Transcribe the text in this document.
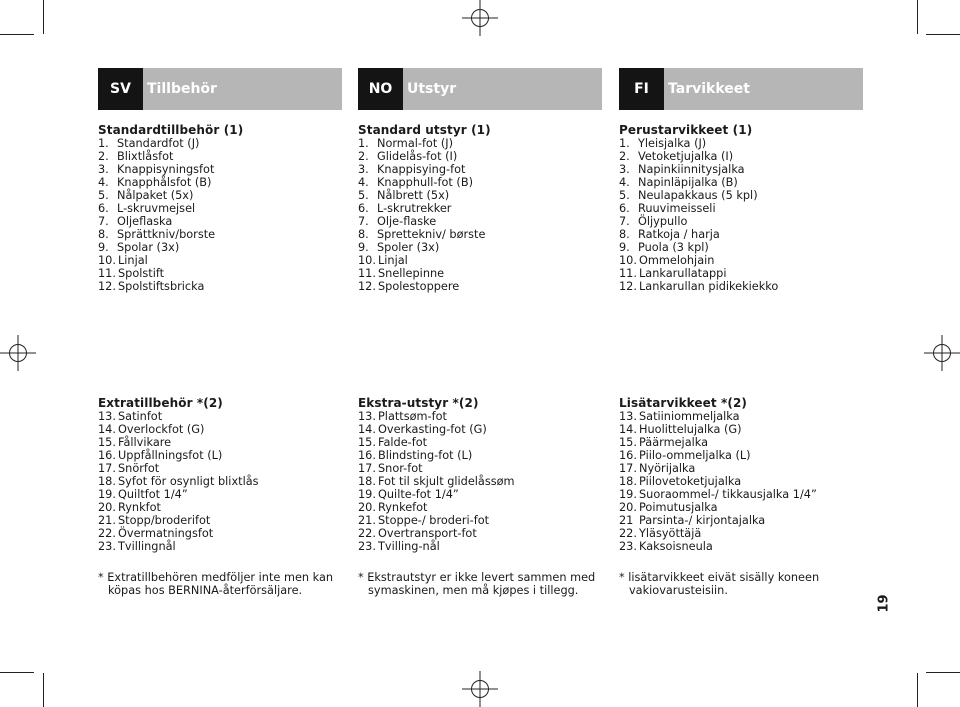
SV	Tillbehör
Standardtillbehör (1)
1. Standardfot (J)
2. Blixtlåsfot
3. Knappisyningsfot
4. Knapphålsfot (B)
5. Nålpaket (5x)
6. L-skruvmejsel
7. Oljeflaska
8. Sprättkniv/borste
9. Spolar (3x)
10. Linjal
11. Spolstift
12. Spolstiftsbricka
Extratillbehör *(2)
13. Satinfot
14. Overlockfot (G)
15. Fållvikare
16. Uppfållningsfot (L)
17. Snörfot
18. Syfot för osynligt blixtlås
19. Quiltfot 1/4”
20. Rynkfot
21. Stopp/broderifot
22. Övermatningsfot
23. Tvillingnål
* Extratillbehören medföljer inte men kan
köpas hos BERNINA-återförsäljare.
NO	Utstyr
Standard utstyr (1)
1. Normal-fot (J)
2. Glidelås-fot (I)
3. Knappisying-fot
4. Knapphull-fot (B)
5. Nålbrett (5x)
6. L-skrutrekker
7. Olje-flaske
8. Sprettekniv/ børste
9. Spoler (3x)
10. Linjal
11. Snellepinne
12. Spolestoppere
Ekstra-utstyr *(2)
13. Plattsøm-fot
14. Overkasting-fot (G)
15. Falde-fot
16. Blindsting-fot (L)
17. Snor-fot
18. Fot til skjult glidelåssøm
19. Quilte-fot 1/4”
20. Rynkefot
21. Stoppe-/ broderi-fot
22. Overtransport-fot
23. Tvilling-nål
* Ekstrautstyr er ikke levert sammen med
symaskinen, men må kjøpes i tillegg.
FI	Tarvikkeet
Perustarvikkeet (1)
1. Yleisjalka (J)
2. Vetoketjujalka (I)
3. Napinkiinnitysjalka
4. Napinläpijalka (B)
5. Neulapakkaus (5 kpl)
6. Ruuvimeisseli
7. Öljypullo
8. Ratkoja / harja
9. Puola (3 kpl)
10. Ommelohjain
11. Lankarullatappi
12. Lankarullan pidikekiekko
Lisätarvikkeet *(2)
13. Satiiniommeljalka
14. Huolittelujalka (G)
15. Päärmejalka
16. Piilo-ommeljalka (L)
17. Nyörijalka
18. Piilovetoketjujalka
19. Suoraommel-/ tikkausjalka 1/4”
20. Poimutusjalka
21 Parsinta-/ kirjontajalka
22. Yläsyöttäjä
23. Kaksoisneula
* lisätarvikkeet eivät sisälly koneen
vakiovarusteisiin.
19
